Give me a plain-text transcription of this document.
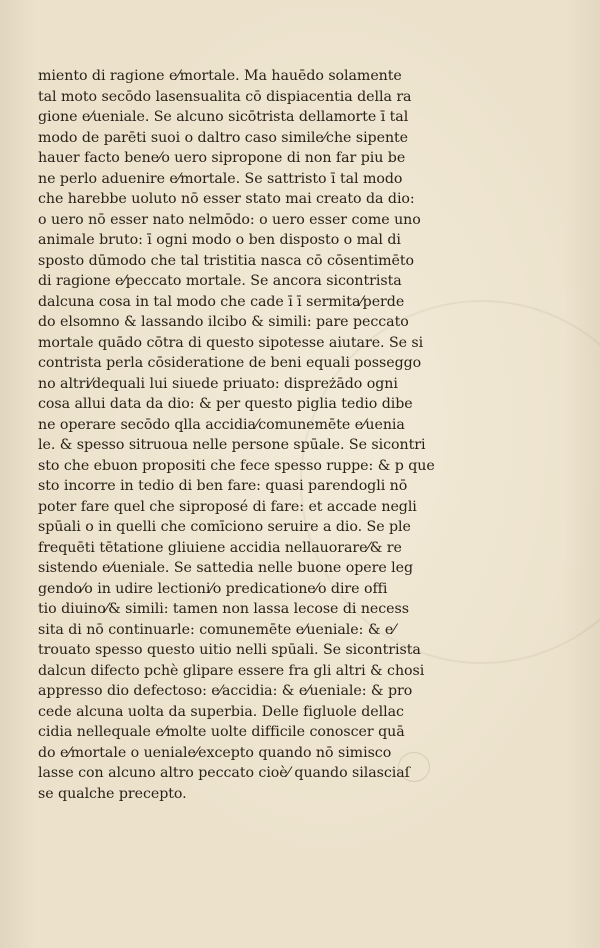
miento di ragione e⁄mortale. Ma hauēdo solamente
tal moto secōdo lasensualita cō dispiacentia della ra
gione e⁄ueniale. Se alcuno sicōtrista dellamorte ī tal
modo de parēti suoi o daltro caso simile⁄che sipente
hauer facto bene⁄o uero sipropone di non far piu be
ne perlo aduenire e⁄mortale. Se sattristo ī tal modo
che harebbe uoluto nō esser stato mai creato da dio:
o uero nō esser nato nelmōdo: o uero esser come uno
animale bruto: ī ogni modo o ben disposto o mal di
sposto dūmodo che tal tristitia nasca cō cōsentimēto
di ragione e⁄peccato mortale. Se ancora sicontrista
dalcuna cosa in tal modo che cade ī ī sermita⁄perde
do elsomno & lassando ilcibo & simili: pare peccato
mortale quādo cōtra di questo sipotesse aiutare. Se si
contrista perla cōsideratione de beni equali posseggo
no altri⁄dequali lui siuede priuato: dispreżādo ogni
cosa allui data da dio: & per questo piglia tedio dibe
ne operare secōdo qlla accidia⁄comunemēte e⁄uenia
le. & spesso sitruoua nelle persone spūale. Se sicontri
sto che ebuon propositi che fece spesso ruppe: & p que
sto incorre in tedio di ben fare: quasi parendogli nō
poter fare quel che siproposé di fare: et accade negli
spūali o in quelli che comīciono seruire a dio. Se ple
frequēti tētatione gliuiene accidia nellauorare⁄& re
sistendo e⁄ueniale. Se sattedia nelle buone opere leg
gendo⁄o in udire lectioni⁄o predicatione⁄o dire offi
tio diuino⁄& simili: tamen non lassa lecose di necess
sita di nō continuarle: comunemēte e⁄ueniale: & e⁄
trouato spesso questo uitio nelli spūali. Se sicontrista
dalcun difecto pchè glipare essere fra gli altri & chosi
appresso dio defectoso: e⁄accidia: & e⁄ueniale: & pro
cede alcuna uolta da superbia. Delle figluole dellac
cidia nellequale e⁄molte uolte difficile conoscer quā
do e⁄mortale o ueniale⁄excepto quando nō simisco
lasse con alcuno altro peccato cioè⁄ quando silasciaſ
se qualche precepto.
